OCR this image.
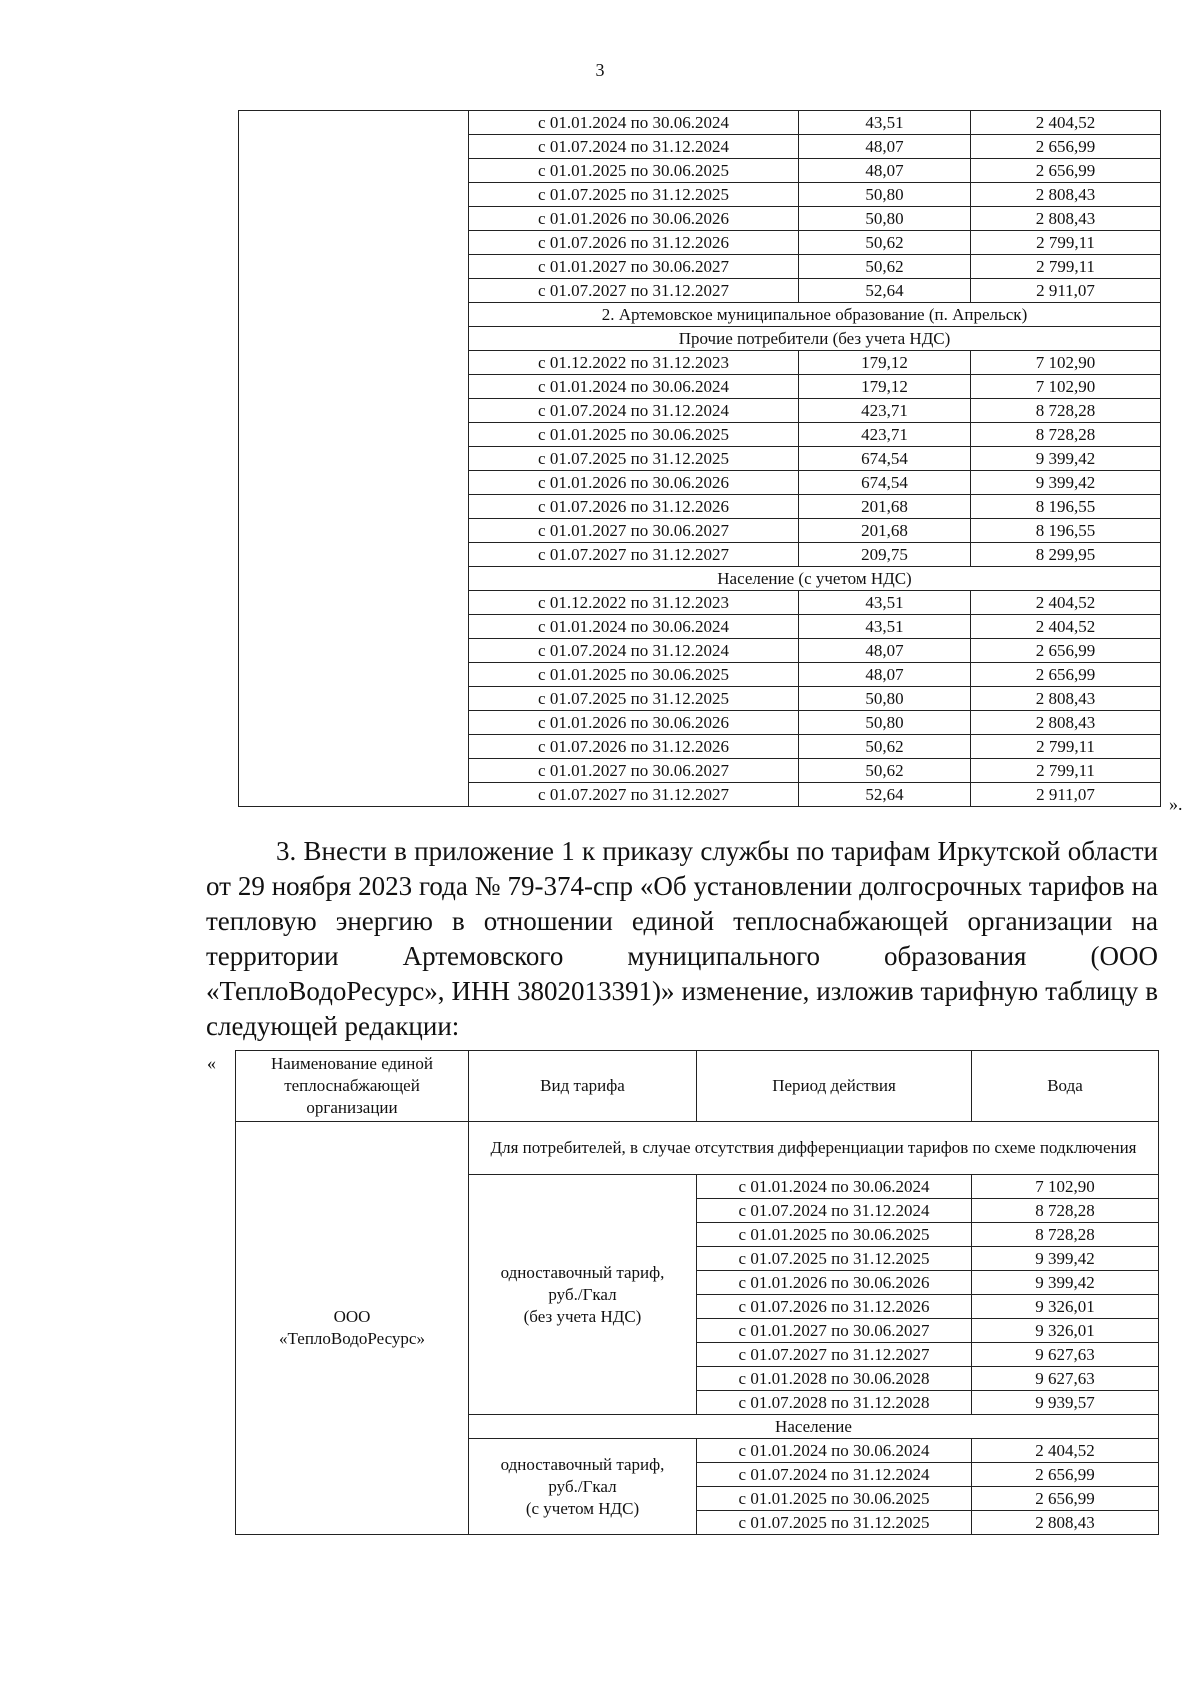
3
	с 01.01.2024 по 30.06.2024	43,51	2 404,52
	с 01.07.2024 по 31.12.2024	48,07	2 656,99
	с 01.01.2025 по 30.06.2025	48,07	2 656,99
	с 01.07.2025 по 31.12.2025	50,80	2 808,43
	с 01.01.2026 по 30.06.2026	50,80	2 808,43
	с 01.07.2026 по 31.12.2026	50,62	2 799,11
	с 01.01.2027 по 30.06.2027	50,62	2 799,11
	с 01.07.2027 по 31.12.2027	52,64	2 911,07
	2. Артемовское муниципальное образование (п. Апрельск)		
	Прочие потребители (без учета НДС)		
	с 01.12.2022 по 31.12.2023	179,12	7 102,90
	с 01.01.2024 по 30.06.2024	179,12	7 102,90
	с 01.07.2024 по 31.12.2024	423,71	8 728,28
	с 01.01.2025 по 30.06.2025	423,71	8 728,28
	с 01.07.2025 по 31.12.2025	674,54	9 399,42
	с 01.01.2026 по 30.06.2026	674,54	9 399,42
	с 01.07.2026 по 31.12.2026	201,68	8 196,55
	с 01.01.2027 по 30.06.2027	201,68	8 196,55
	с 01.07.2027 по 31.12.2027	209,75	8 299,95
	Население (с учетом НДС)		
	с 01.12.2022 по 31.12.2023	43,51	2 404,52
	с 01.01.2024 по 30.06.2024	43,51	2 404,52
	с 01.07.2024 по 31.12.2024	48,07	2 656,99
	с 01.01.2025 по 30.06.2025	48,07	2 656,99
	с 01.07.2025 по 31.12.2025	50,80	2 808,43
	с 01.01.2026 по 30.06.2026	50,80	2 808,43
	с 01.07.2026 по 31.12.2026	50,62	2 799,11
	с 01.01.2027 по 30.06.2027	50,62	2 799,11
	с 01.07.2027 по 31.12.2027	52,64	2 911,07	».
3. Внести в приложение 1 к приказу службы по тарифам Иркутской области от 29 ноября 2023 года № 79-374-спр «Об установлении долгосрочных тарифов на тепловую энергию в отношении единой теплоснабжающей организации на территории Артемовского муниципального образования (ООО «ТеплоВодоРесурс», ИНН 3802013391)» изменение, изложив тарифную таблицу в следующей редакции:
«	Наименование единой теплоснабжающей организации	Вид тарифа	Период действия	Вода

ООО
«ТеплоВодоРесурс»	Для потребителей, в случае отсутствия дифференциации тарифов по схеме подключения		

	одноставочный тариф,
руб./Гкал
(без учета НДС)	с 01.01.2024 по 30.06.2024	7 102,90
		с 01.07.2024 по 31.12.2024	8 728,28
		с 01.01.2025 по 30.06.2025	8 728,28
		с 01.07.2025 по 31.12.2025	9 399,42
		с 01.01.2026 по 30.06.2026	9 399,42
		с 01.07.2026 по 31.12.2026	9 326,01
		с 01.01.2027 по 30.06.2027	9 326,01
		с 01.07.2027 по 31.12.2027	9 627,63
		с 01.01.2028 по 30.06.2028	9 627,63
		с 01.07.2028 по 31.12.2028	9 939,57
	Население		

	одноставочный тариф,
руб./Гкал
(с учетом НДС)	с 01.01.2024 по 30.06.2024	2 404,52
		с 01.07.2024 по 31.12.2024	2 656,99
		с 01.01.2025 по 30.06.2025	2 656,99
		с 01.07.2025 по 31.12.2025	2 808,43
